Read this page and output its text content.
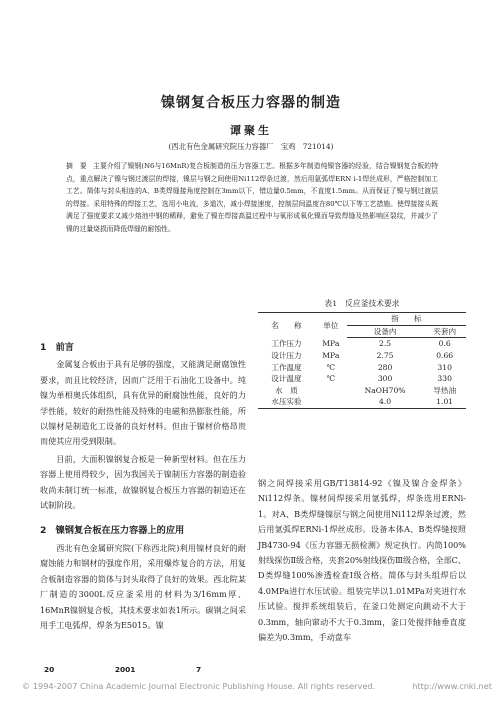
镍钢复合板压力容器的制造
谭聚生
(西北有色金属研究院压力容器厂　宝鸡　721014)
摘　要 主要介绍了镍钢(N6与16MnR)复合板制造的压力容器工艺。根据多年制造纯镍容器的经验，结合镍钢复合板的特点，重点解决了镍与钢过渡层的焊接，镍层与钢之间使用Ni112焊条过渡，然后用氩弧焊ERN i-1焊丝成形，严格控制加工工艺。简体与封头相连的A、B类焊缝接角度控制在3mm以下，错边量0.5mm，不直度1.5mm。从而保证了镍与钢过渡层的焊接。采用特殊的焊接工艺，选用小电流，多道次，减小焊接速度，控制层间温度在80℃以下等工艺措施。使焊接接头既满足了强度要求又减少熔池中钢的稀释，避免了镍在焊接高温过程中与氧形成氧化镍而导致焊缝及热影响区裂纹，并减少了镍的过量烧损而降低焊缝的耐蚀性。

1　前言

金属复合板由于具有足够的强度，又能满足耐腐蚀性要求，而且比较经济，因而广泛用于石油化工设备中。纯镍为单相奥氏体组织，具有优异的耐腐蚀性能，良好的力学性能，较好的耐热性能及特殊的电磁和热膨胀性能，所以镍材是制造化工设备的良好材料。但由于镍材价格昂贵而使其应用受到限制。

目前，大面积镍钢复合板是一种新型材料。但在压力容器上使用得较少，因为我国关于镍制压力容器的制造验收尚未制订统一标准，故镍钢复合板压力容器的制造还在试制阶段。

2　镍钢复合板在压力容器上的应用

西北有色金属研究院(下称西北院)利用镍材良好的耐腐蚀能力和钢材的强度作用，采用爆炸复合的方法，用复合板制造容器的简体与封头取得了良好的效果。西北院某厂制造的3000L反应釜采用的材料为3/16mm厚、16MnR镍钢复合板，其技术要求如表1所示。碳钢之间采用手工电弧焊，焊条为E5015。镍

表1　反应釜技术要求
名　　称	单位	指　　标	
		设备内	夹套内
工作压力	MPa	2.5	0.6
设计压力	MPa	2.75	0.66
工作温度	℃	280	310
设计温度	℃	300	330
水　质		NaOH70%	导热油
水压实验		4.0	1.01
钢之间焊接采用GB/T13814-92《镍及镍合金焊条》Ni112焊条。镍材间焊接采用氩弧焊，焊条选用ERNi-1。对A、B类焊缝镍层与钢之间使用Ni112焊条过渡，然后用氩弧焊ERNi-1焊丝成形。设备本体A、B类焊缝按照JB4730-94《压力容器无损检测》规定执行。内筒100%射线探伤Ⅱ级合格，夹套20%射线探伤Ⅲ级合格，全部C、D类焊缝100%渗透检查Ⅰ级合格。简体与封头组焊后以4.0MPa进行水压试验。组装完毕以1.01MPa对夹进行水压试验。搅拌系统组装后，在釜口处测定向跳动不大于0.3mm，轴向窜动不大于0.3mm，釜口处搅拌轴垂直度偏差为0.3mm，手动盘车
20	2001	7
© 1994-2007 China Academic Journal Electronic Publishing House. All rights reserved.	http://www.cnki.net
